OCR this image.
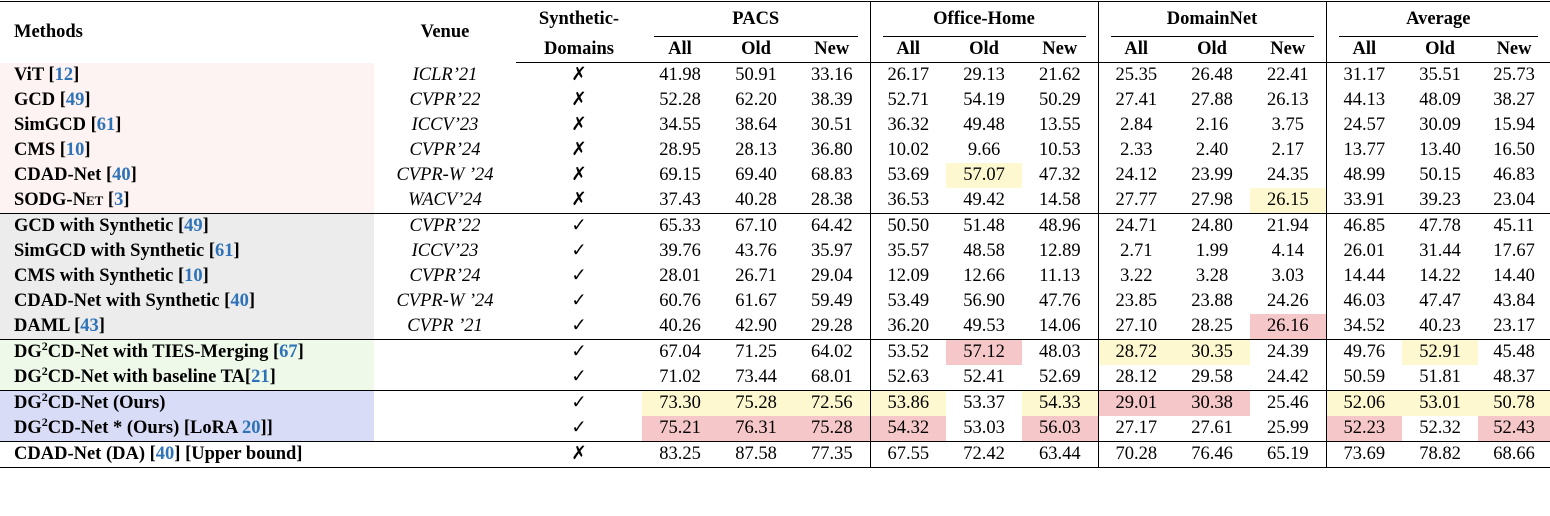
Methods	Venue	Synthetic-	PACS			Office-Home			DomainNet			Average		

		Domains	All	Old	New	All	Old	New	All	Old	New	All	Old	New
ViT [12]	ICLR’21	✗	41.98	50.91	33.16	26.17	29.13	21.62	25.35	26.48	22.41	31.17	35.51	25.73
GCD [49]	CVPR’22	✗	52.28	62.20	38.39	52.71	54.19	50.29	27.41	27.88	26.13	44.13	48.09	38.27
SimGCD [61]	ICCV’23	✗	34.55	38.64	30.51	36.32	49.48	13.55	2.84	2.16	3.75	24.57	30.09	15.94
CMS [10]	CVPR’24	✗	28.95	28.13	36.80	10.02	9.66	10.53	2.33	2.40	2.17	13.77	13.40	16.50
CDAD-Net [40]	CVPR-W ’24	✗	69.15	69.40	68.83	53.69	57.07	47.32	24.12	23.99	24.35	48.99	50.15	46.83
SODG-Net [3]	WACV’24	✗	37.43	40.28	28.38	36.53	49.42	14.58	27.77	27.98	26.15	33.91	39.23	23.04
GCD with Synthetic [49]	CVPR’22	✓	65.33	67.10	64.42	50.50	51.48	48.96	24.71	24.80	21.94	46.85	47.78	45.11
SimGCD with Synthetic [61]	ICCV’23	✓	39.76	43.76	35.97	35.57	48.58	12.89	2.71	1.99	4.14	26.01	31.44	17.67
CMS with Synthetic [10]	CVPR’24	✓	28.01	26.71	29.04	12.09	12.66	11.13	3.22	3.28	3.03	14.44	14.22	14.40
CDAD-Net with Synthetic [40]	CVPR-W ’24	✓	60.76	61.67	59.49	53.49	56.90	47.76	23.85	23.88	24.26	46.03	47.47	43.84
DAML [43]	CVPR ’21	✓	40.26	42.90	29.28	36.20	49.53	14.06	27.10	28.25	26.16	34.52	40.23	23.17
$DG^2CD$-Net with TIES-Merging [67]		✓	67.04	71.25	64.02	53.52	57.12	48.03	28.72	30.35	24.39	49.76	52.91	45.48
$DG^2CD$-Net with baseline TA[21]		✓	71.02	73.44	68.01	52.63	52.41	52.69	28.12	29.58	24.42	50.59	51.81	48.37
$DG^2CD$-Net (Ours)		✓	73.30	75.28	72.56	53.86	53.37	54.33	29.01	30.38	25.46	52.06	53.01	50.78
$DG^2CD$-Net * (Ours) [LoRA 20]]		✓	75.21	76.31	75.28	54.32	53.03	56.03	27.17	27.61	25.99	52.23	52.32	52.43
CDAD-Net (DA) [40] [Upper bound]		✗	83.25	87.58	77.35	67.55	72.42	63.44	70.28	76.46	65.19	73.69	78.82	68.66
